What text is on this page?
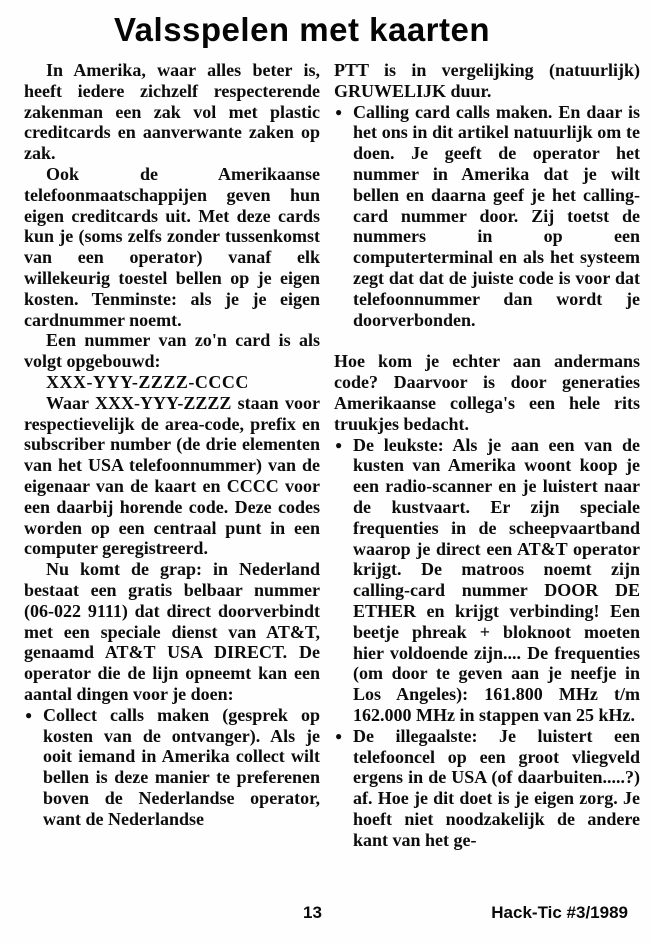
Valsspelen met kaarten
In Amerika, waar alles beter is, heeft iedere zichzelf respecterende zakenman een zak vol met plastic creditcards en aanverwante zaken op zak.
Ook de Amerikaanse telefoonmaatschappijen geven hun eigen creditcards uit. Met deze cards kun je (soms zelfs zonder tussenkomst van een operator) vanaf elk willekeurig toestel bellen op je eigen kosten. Tenminste: als je je eigen cardnummer noemt.
Een nummer van zo'n card is als volgt opgebouwd:
XXX-YYY-ZZZZ-CCCC
Waar XXX-YYY-ZZZZ staan voor respectievelijk de area-code, prefix en subscriber number (de drie elementen van het USA telefoonnummer) van de eigenaar van de kaart en CCCC voor een daarbij horende code. Deze codes worden op een centraal punt in een computer geregistreerd.
Nu komt de grap: in Nederland bestaat een gratis belbaar nummer (06-022 9111) dat direct doorverbindt met een speciale dienst van AT&T, genaamd AT&T USA DIRECT. De operator die de lijn opneemt kan een aantal dingen voor je doen:
● Collect calls maken (gesprek op kosten van de ontvanger). Als je ooit iemand in Amerika collect wilt bellen is deze manier te preferenen boven de Nederlandse operator, want de Nederlandse
PTT is in vergelijking (natuurlijk) GRUWELIJK duur.
● Calling card calls maken. En daar is het ons in dit artikel natuurlijk om te doen. Je geeft de operator het nummer in Amerika dat je wilt bellen en daarna geef je het calling-card nummer door. Zij toetst de nummers in op een computerterminal en als het systeem zegt dat dat de juiste code is voor dat telefoonnummer dan wordt je doorverbonden.
Hoe kom je echter aan andermans code? Daarvoor is door generaties Amerikaanse collega's een hele rits truukjes bedacht.
● De leukste: Als je aan een van de kusten van Amerika woont koop je een radio-scanner en je luistert naar de kustvaart. Er zijn speciale frequenties in de scheepvaartband waarop je direct een AT&T operator krijgt. De matroos noemt zijn calling-card nummer DOOR DE ETHER en krijgt verbinding! Een beetje phreak + bloknoot moeten hier voldoende zijn.... De frequenties (om door te geven aan je neefje in Los Angeles): 161.800 MHz t/m 162.000 MHz in stappen van 25 kHz.
● De illegaalste: Je luistert een telefooncel op een groot vliegveld ergens in de USA (of daarbuiten.....?) af. Hoe je dit doet is je eigen zorg. Je hoeft niet noodzakelijk de andere kant van het ge-
13	Hack-Tic #3/1989
